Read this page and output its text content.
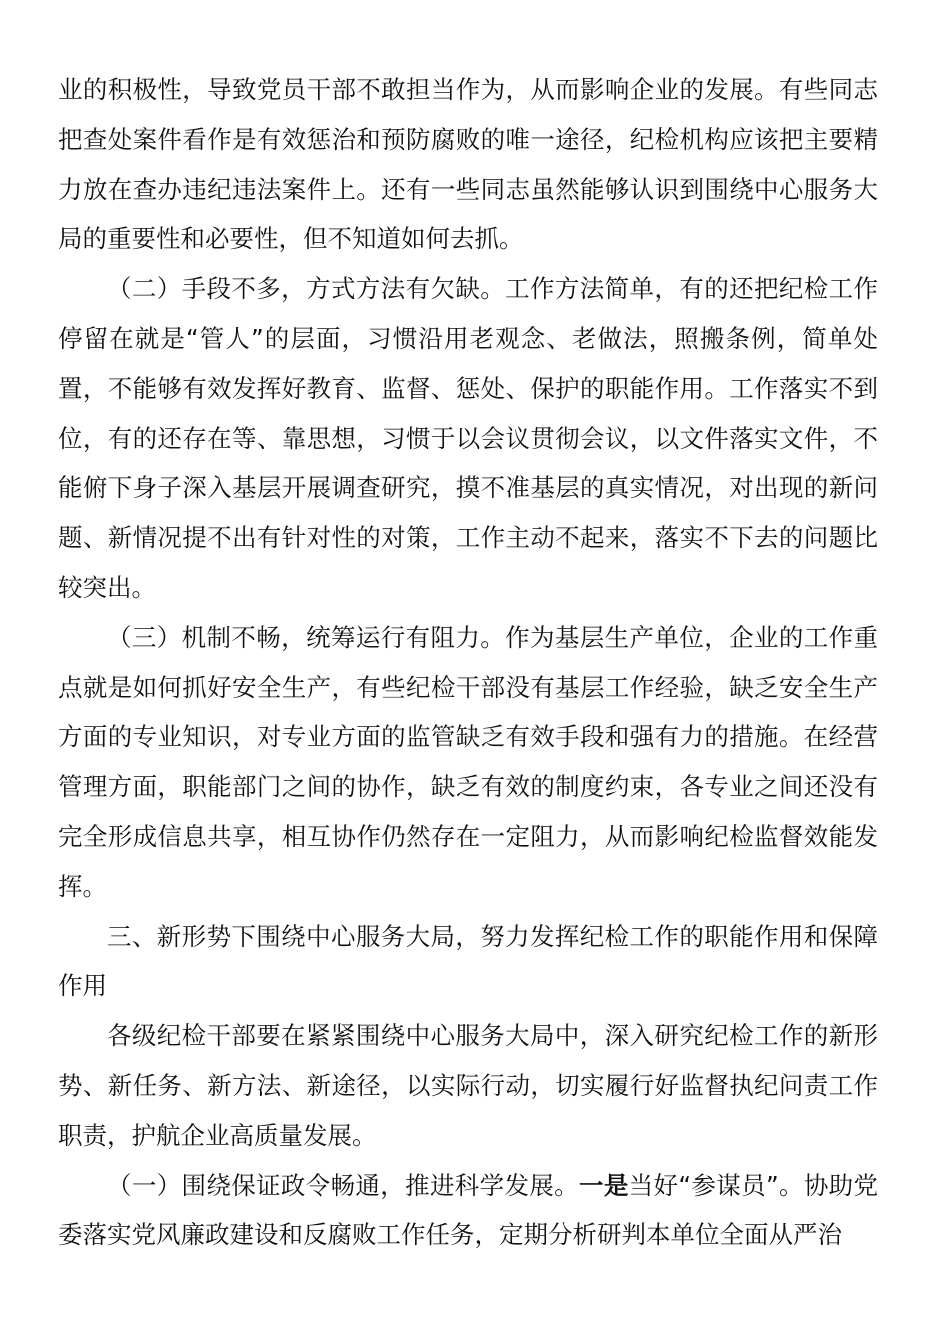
业的积极性，导致党员干部不敢担当作为，从而影响企业的发展。有些同志把查处案件看作是有效惩治和预防腐败的唯一途径，纪检机构应该把主要精力放在查办违纪违法案件上。还有一些同志虽然能够认识到围绕中心服务大局的重要性和必要性，但不知道如何去抓。

（二）手段不多，方式方法有欠缺。工作方法简单，有的还把纪检工作停留在就是“管人”的层面，习惯沿用老观念、老做法，照搬条例，简单处置，不能够有效发挥好教育、监督、惩处、保护的职能作用。工作落实不到位，有的还存在等、靠思想，习惯于以会议贯彻会议，以文件落实文件，不能俯下身子深入基层开展调查研究，摸不准基层的真实情况，对出现的新问题、新情况提不出有针对性的对策，工作主动不起来，落实不下去的问题比较突出。

（三）机制不畅，统筹运行有阻力。作为基层生产单位，企业的工作重点就是如何抓好安全生产，有些纪检干部没有基层工作经验，缺乏安全生产方面的专业知识，对专业方面的监管缺乏有效手段和强有力的措施。在经营管理方面，职能部门之间的协作，缺乏有效的制度约束，各专业之间还没有完全形成信息共享，相互协作仍然存在一定阻力，从而影响纪检监督效能发挥。

三、新形势下围绕中心服务大局，努力发挥纪检工作的职能作用和保障作用

各级纪检干部要在紧紧围绕中心服务大局中，深入研究纪检工作的新形势、新任务、新方法、新途径，以实际行动，切实履行好监督执纪问责工作职责，护航企业高质量发展。

（一）围绕保证政令畅通，推进科学发展。一是当好“参谋员”。协助党委落实党风廉政建设和反腐败工作任务，定期分析研判本单位全面从严治
